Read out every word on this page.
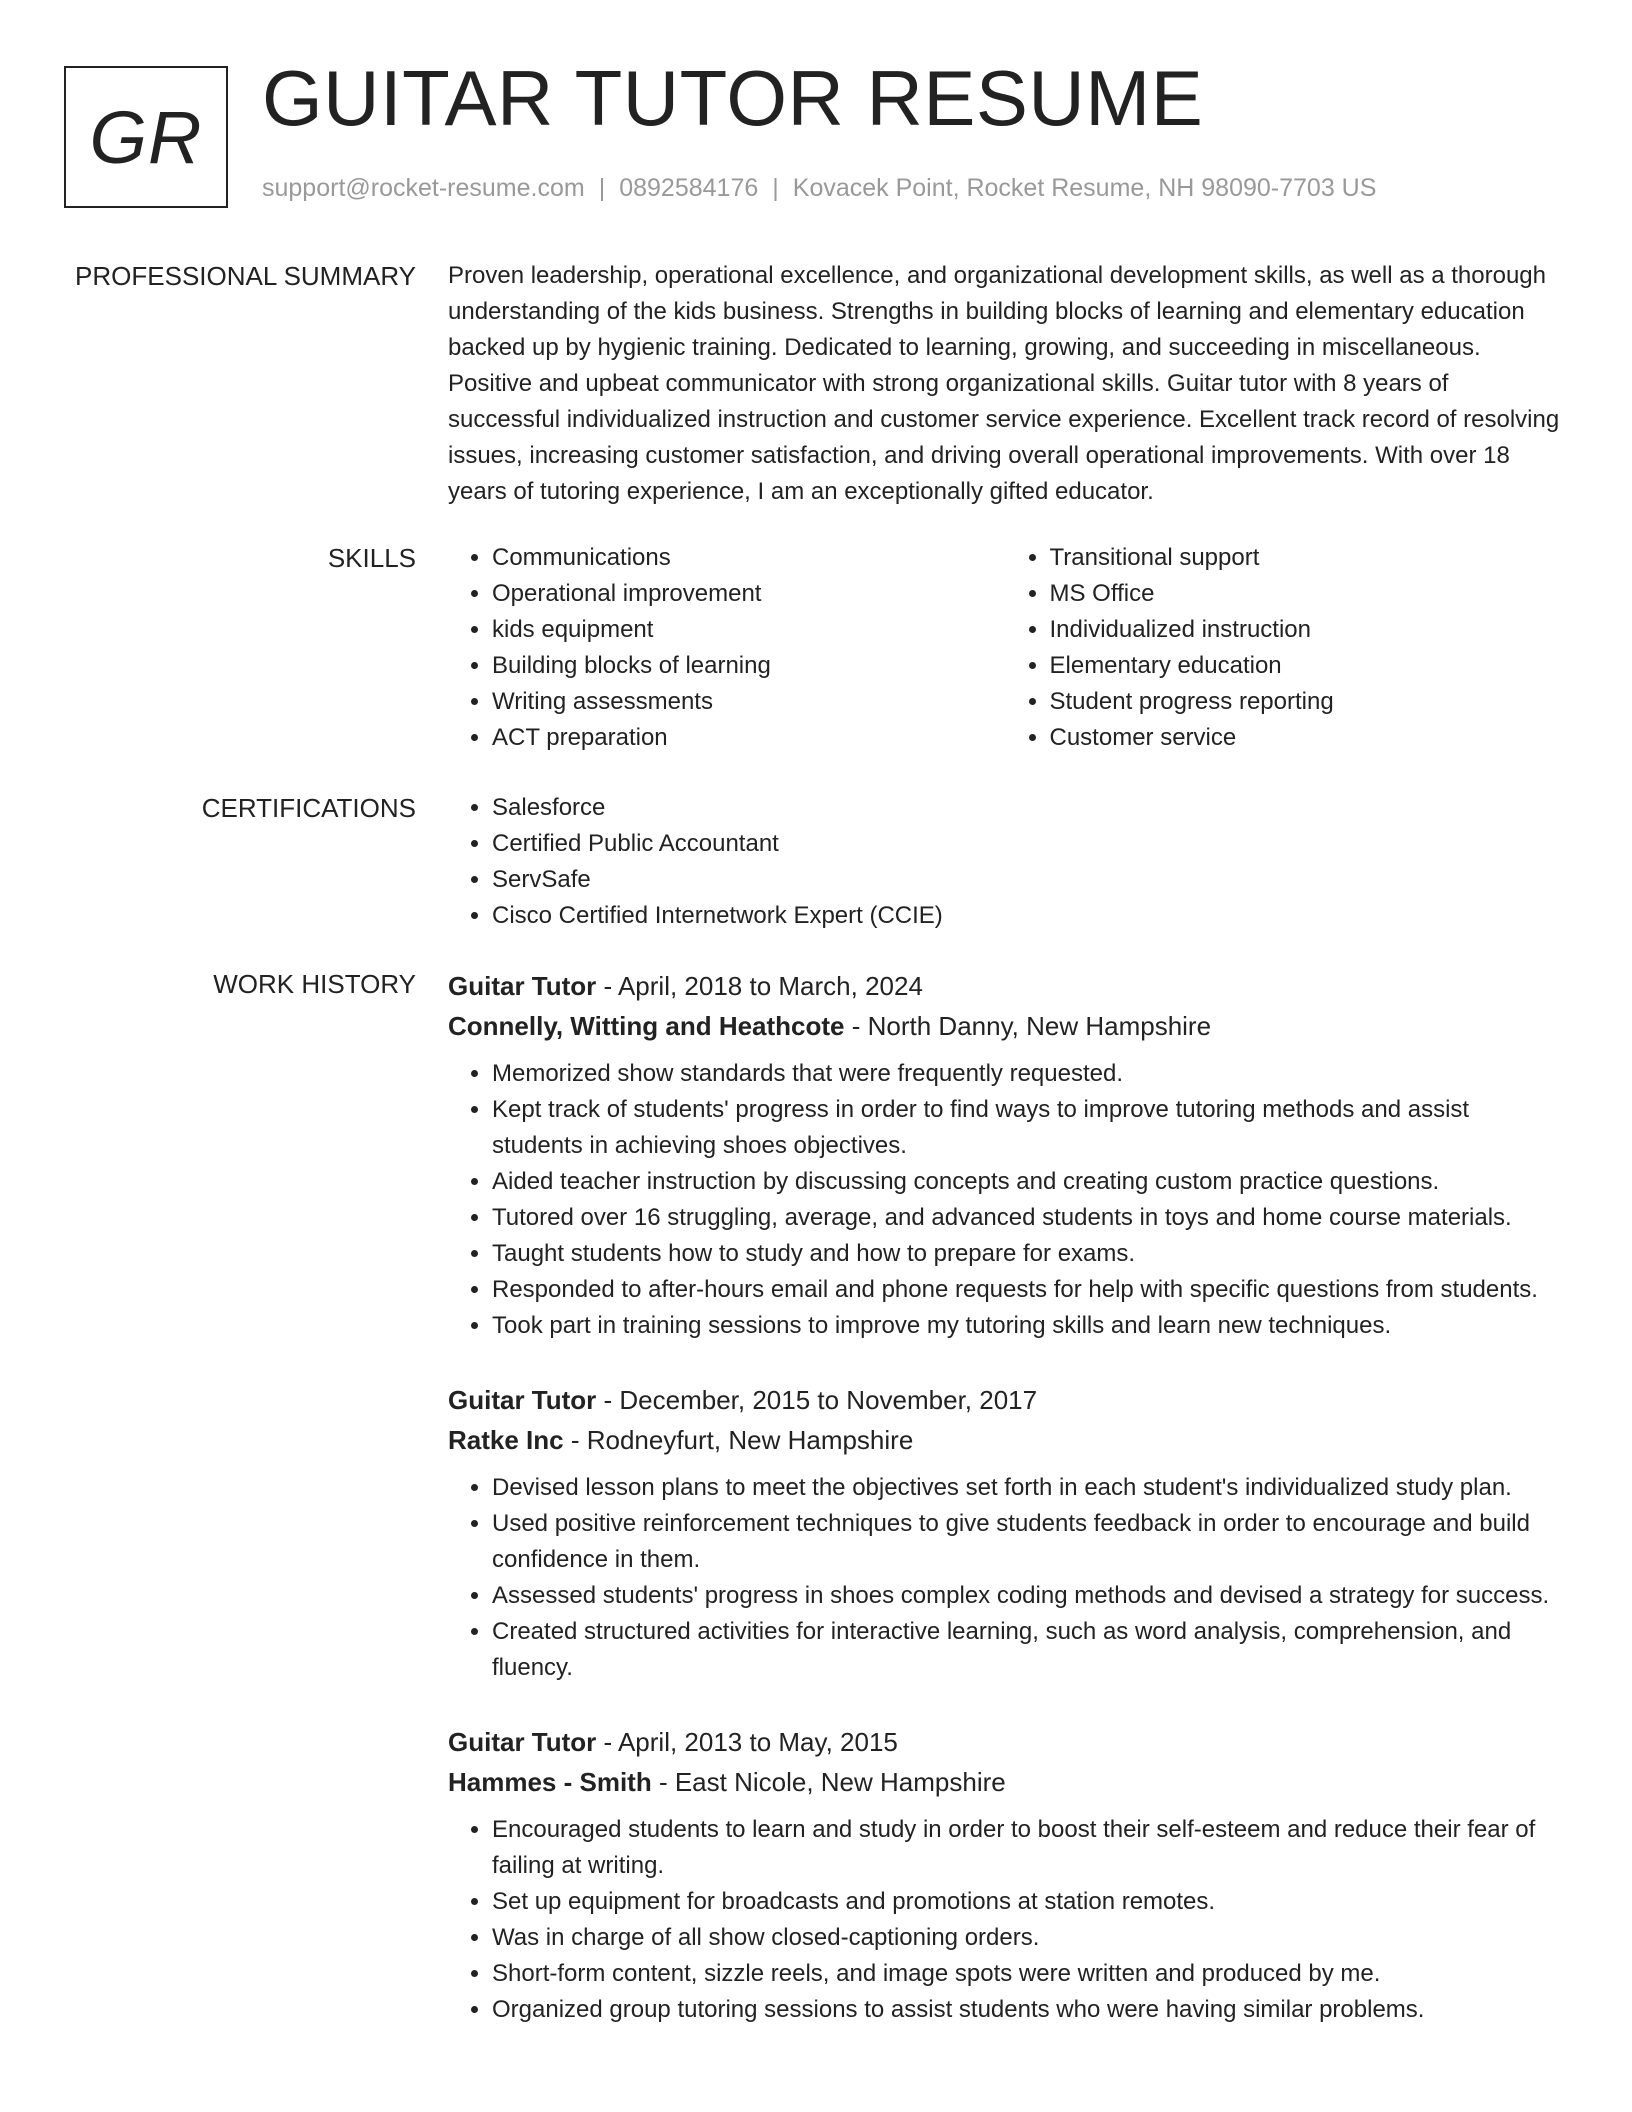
GR GUITAR TUTOR RESUME
support@rocket-resume.com | 0892584176 | Kovacek Point, Rocket Resume, NH 98090-7703 US
PROFESSIONAL SUMMARY Proven leadership, operational excellence, and organizational development skills, as well as a thorough understanding of the kids business. Strengths in building blocks of learning and elementary education backed up by hygienic training. Dedicated to learning, growing, and succeeding in miscellaneous. Positive and upbeat communicator with strong organizational skills. Guitar tutor with 8 years of successful individualized instruction and customer service experience. Excellent track record of resolving issues, increasing customer satisfaction, and driving overall operational improvements. With over 18 years of tutoring experience, I am an exceptionally gifted educator.

SKILLS	• Communications
• Operational improvement
• kids equipment
• Building blocks of learning
• Writing assessments
• ACT preparation
• Transitional support
• MS Office
• Individualized instruction
• Elementary education
• Student progress reporting
• Customer service
CERTIFICATIONS	• Salesforce
• Certified Public Accountant
• ServSafe
• Cisco Certified Internetwork Expert (CCIE)
WORK HISTORY Guitar Tutor - April, 2018 to March, 2024
Connelly, Witting and Heathcote - North Danny, New Hampshire
• Memorized show standards that were frequently requested.
• Kept track of students' progress in order to find ways to improve tutoring methods and assist students in achieving shoes objectives.
• Aided teacher instruction by discussing concepts and creating custom practice questions.
• Tutored over 16 struggling, average, and advanced students in toys and home course materials.
• Taught students how to study and how to prepare for exams.
• Responded to after-hours email and phone requests for help with specific questions from students.
• Took part in training sessions to improve my tutoring skills and learn new techniques.
Guitar Tutor - December, 2015 to November, 2017
Ratke Inc - Rodneyfurt, New Hampshire
• Devised lesson plans to meet the objectives set forth in each student's individualized study plan.
• Used positive reinforcement techniques to give students feedback in order to encourage and build confidence in them.
• Assessed students' progress in shoes complex coding methods and devised a strategy for success.
• Created structured activities for interactive learning, such as word analysis, comprehension, and fluency.
Guitar Tutor - April, 2013 to May, 2015
Hammes - Smith - East Nicole, New Hampshire
• Encouraged students to learn and study in order to boost their self-esteem and reduce their fear of failing at writing.
• Set up equipment for broadcasts and promotions at station remotes.
• Was in charge of all show closed-captioning orders.
• Short-form content, sizzle reels, and image spots were written and produced by me.
• Organized group tutoring sessions to assist students who were having similar problems.
